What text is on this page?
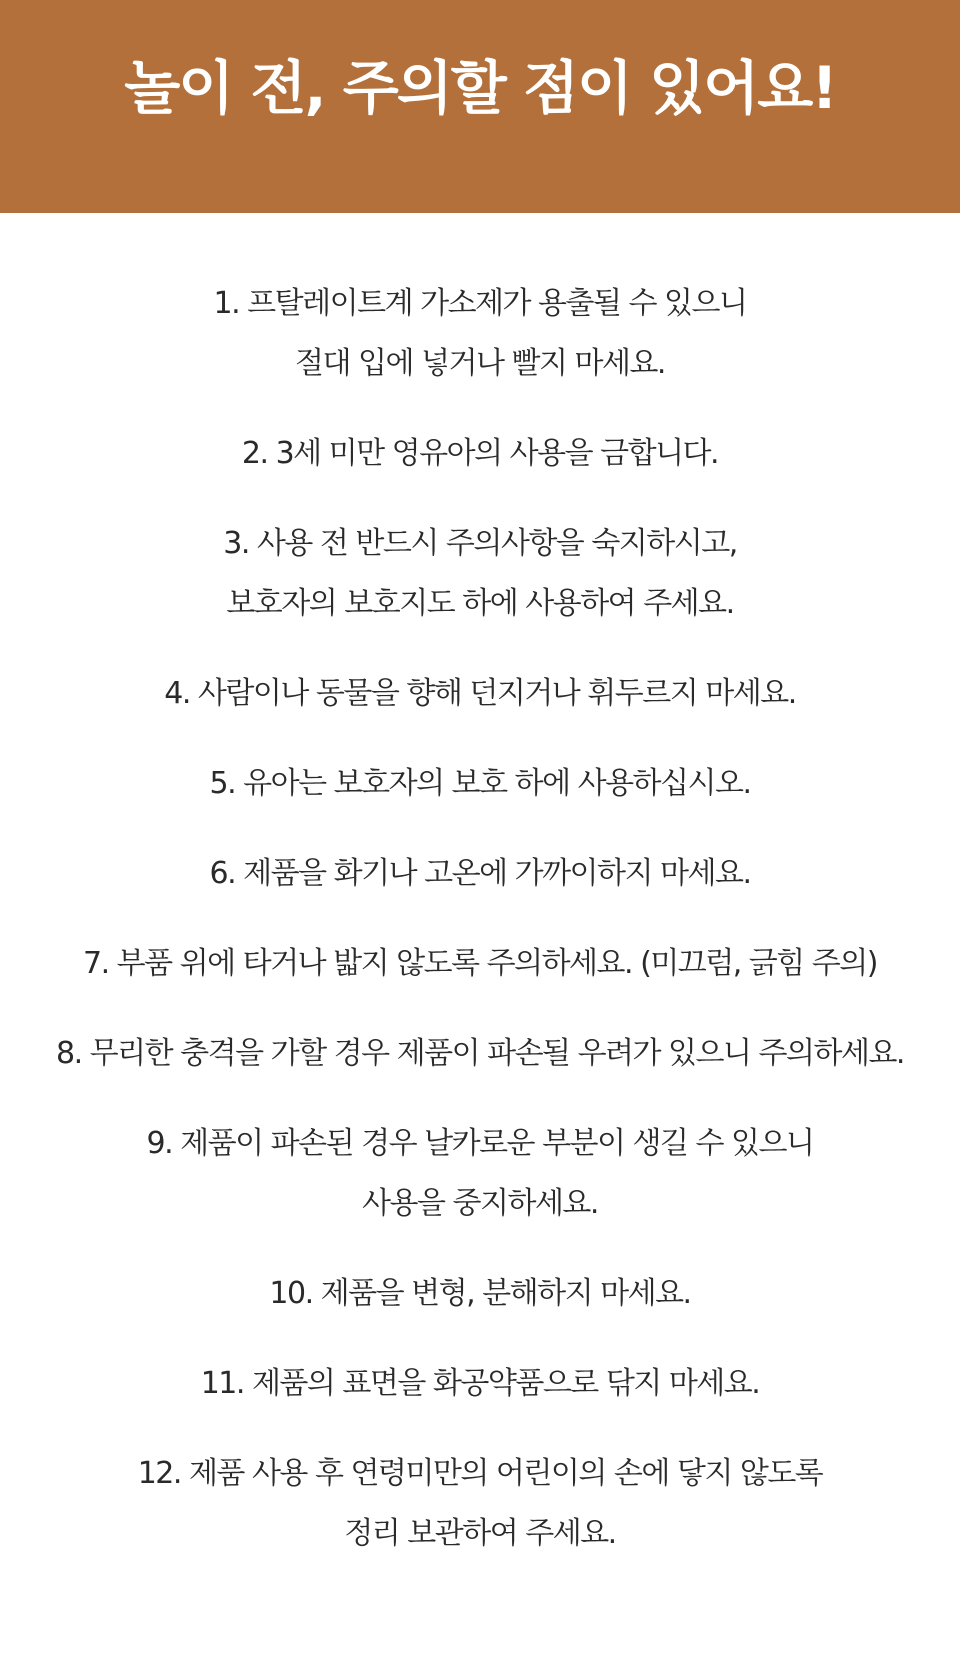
놀이 전, 주의할 점이 있어요!
1. 프탈레이트계 가소제가 용출될 수 있으니
절대 입에 넣거나 빨지 마세요.
2. 3세 미만 영유아의 사용을 금합니다.
3. 사용 전 반드시 주의사항을 숙지하시고,
보호자의 보호지도 하에 사용하여 주세요.
4. 사람이나 동물을 향해 던지거나 휘두르지 마세요.
5. 유아는 보호자의 보호 하에 사용하십시오.
6. 제품을 화기나 고온에 가까이하지 마세요.
7. 부품 위에 타거나 밟지 않도록 주의하세요. (미끄럼, 긁힘 주의)
8. 무리한 충격을 가할 경우 제품이 파손될 우려가 있으니 주의하세요.
9. 제품이 파손된 경우 날카로운 부분이 생길 수 있으니
사용을 중지하세요.
10. 제품을 변형, 분해하지 마세요.
11. 제품의 표면을 화공약품으로 닦지 마세요.
12. 제품 사용 후 연령미만의 어린이의 손에 닿지 않도록
정리 보관하여 주세요.
